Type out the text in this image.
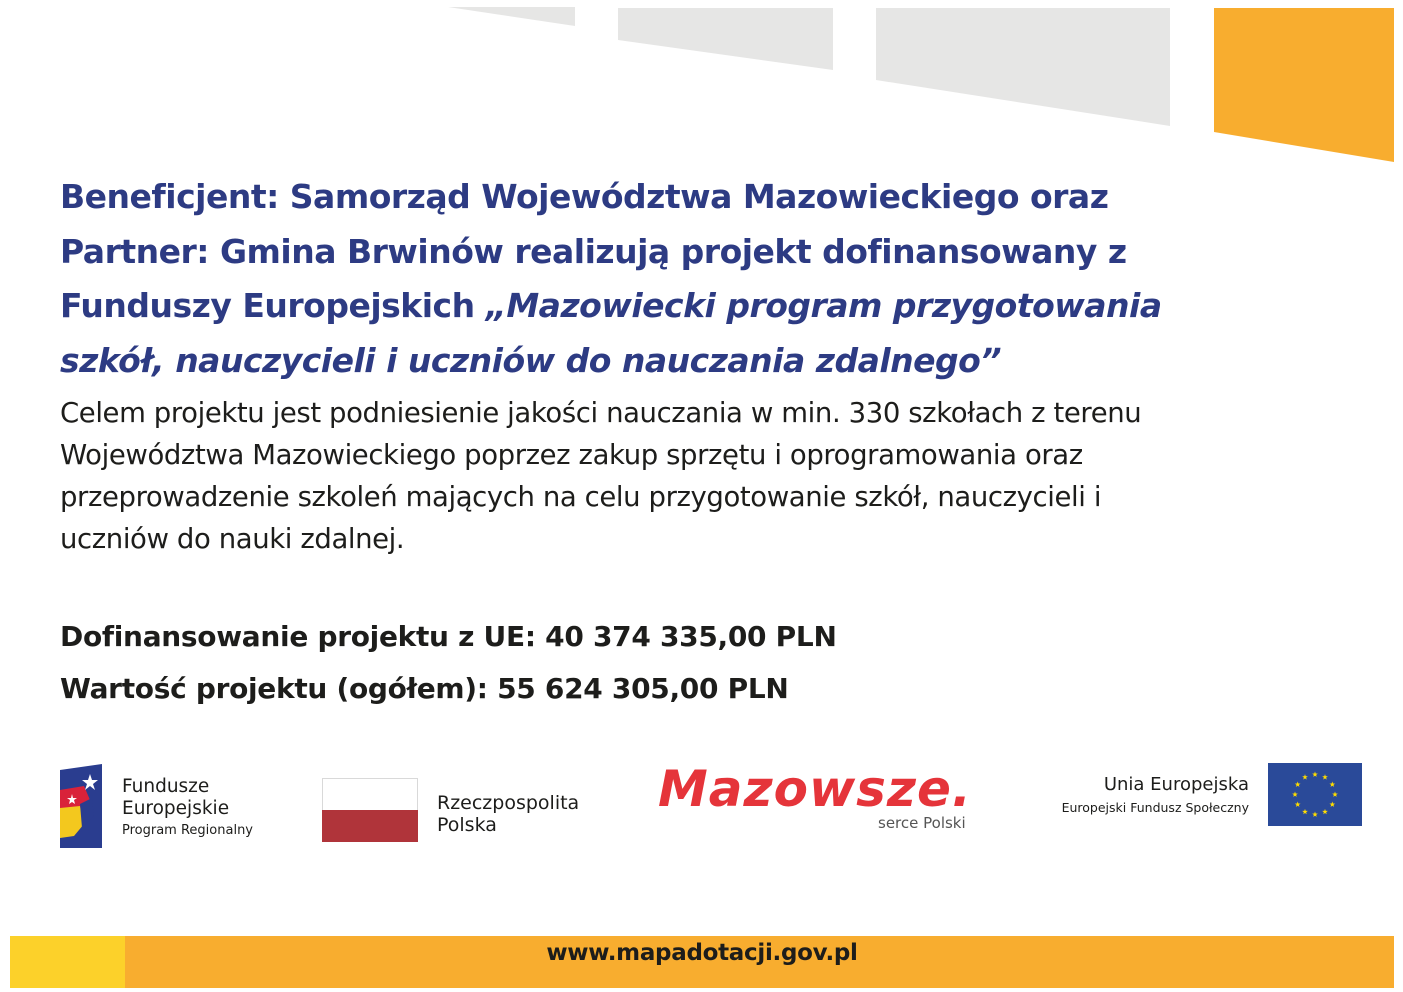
Beneficjent: Samorząd Województwa Mazowieckiego oraz
Partner: Gmina Brwinów realizują projekt dofinansowany z
Funduszy Europejskich „Mazowiecki program przygotowania
szkół, nauczycieli i uczniów do nauczania zdalnego”
Celem projektu jest podniesienie jakości nauczania w min. 330 szkołach z terenu
Województwa Mazowieckiego poprzez zakup sprzętu i oprogramowania oraz
przeprowadzenie szkoleń mających na celu przygotowanie szkół, nauczycieli i
uczniów do nauki zdalnej.
Dofinansowanie projektu z UE: 40 374 335,00 PLN
Wartość projektu (ogółem): 55 624 305,00 PLN
Fundusze
Europejskie
Program Regionalny
Rzeczpospolita
Polska
Mazowsze.
serce Polski
Unia Europejska
Europejski Fundusz Społeczny
www.mapadotacji.gov.pl
